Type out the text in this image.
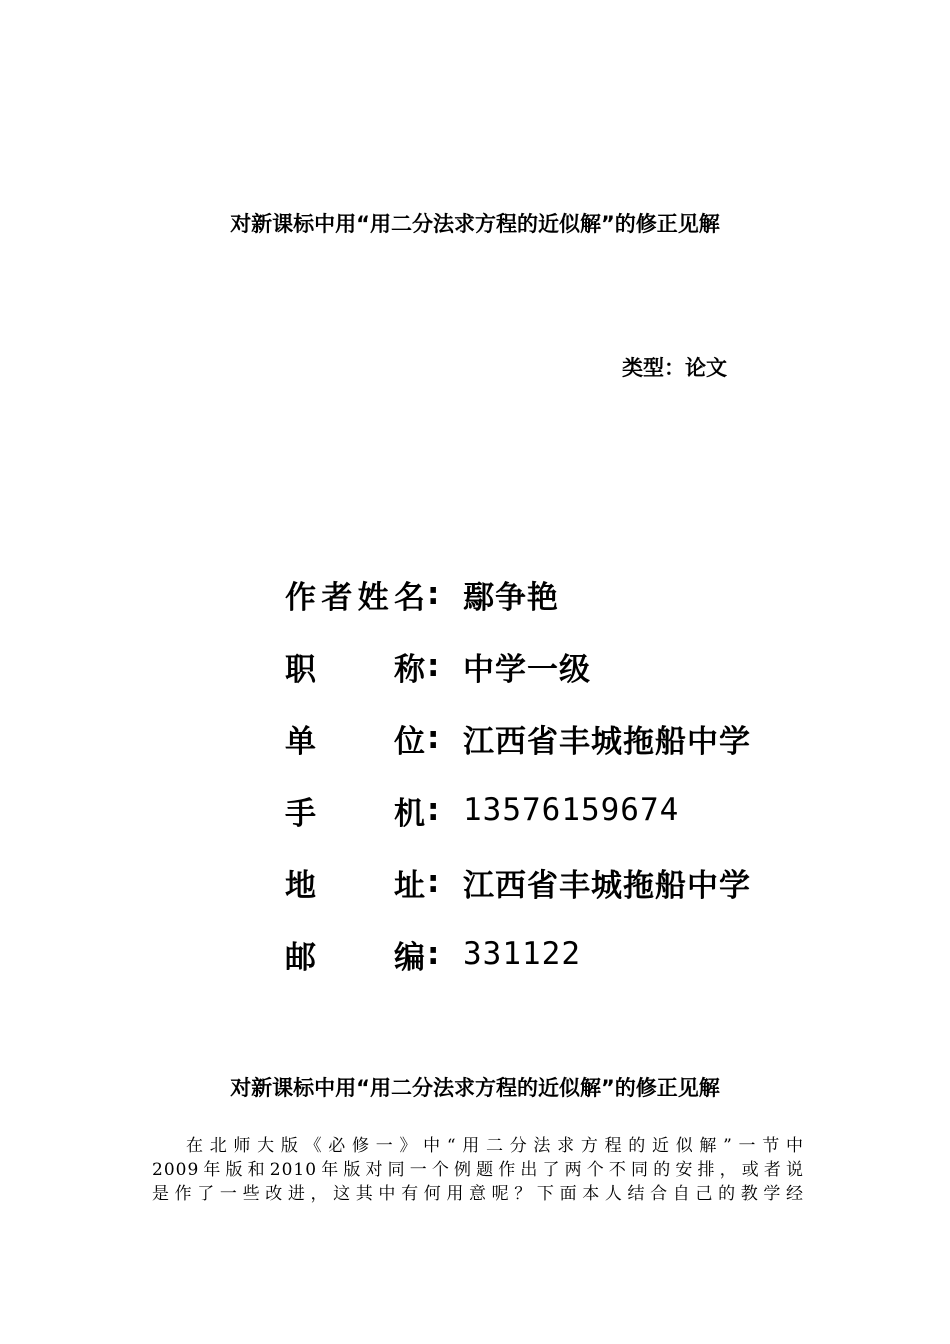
对新课标中用“用二分法求方程的近似解”的修正见解
类型：论文
作 者 姓 名 : 鄢争艳
职	称 : 中学一级
单	位 : 江西省丰城拖船中学
手	机 : 13576159674
地	址 : 江西省丰城拖船中学
邮	编 : 331122
对新课标中用“用二分法求方程的近似解”的修正见解
在北师大版《必修一》中“用二分法求方程的近似解”一节中
2009年版和2010年版对同一个例题作出了两个不同的安排，或者说
是作了一些改进，这其中有何用意呢？下面本人结合自己的教学经
